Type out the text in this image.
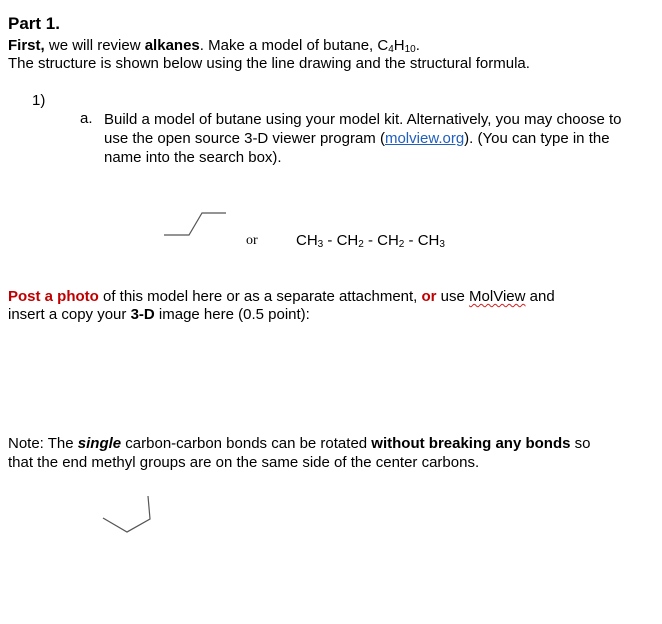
Part 1.
First, we will review alkanes. Make a model of butane, $C_4H_{10}$.
The structure is shown below using the line drawing and the structural formula.
1)
a. Build a model of butane using your model kit. Alternatively, you may choose to use the open source 3-D viewer program (molview.org). (You can type in the name into the search box).
or	$CH_3 - CH_2 - CH_2 - CH_3$
Post a photo of this model here or as a separate attachment, or use MolView and
insert a copy your 3-D image here (0.5 point):
Note: The single carbon-carbon bonds can be rotated without breaking any bonds so
that the end methyl groups are on the same side of the center carbons.
